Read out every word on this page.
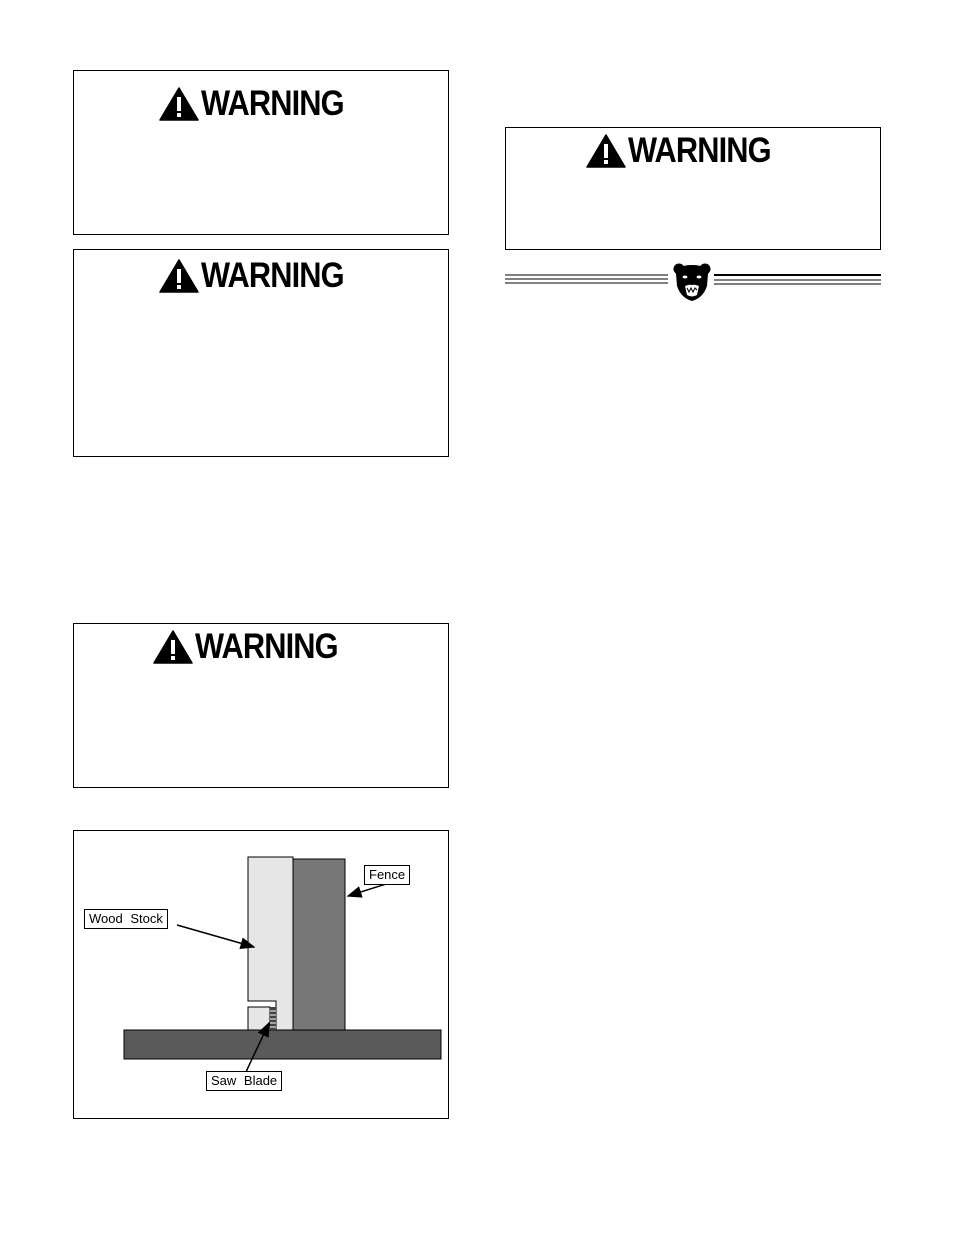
WARNING
WARNING
WARNING
WARNING
Fence
Wood Stock
Saw Blade
